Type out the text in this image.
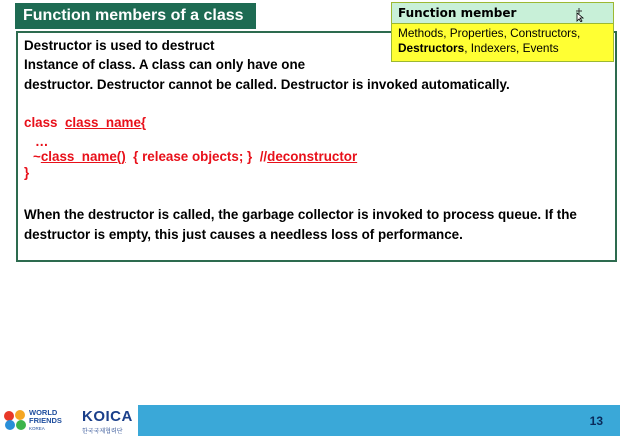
Function members of a class
Destructor is used to destruct
Instance of class. A class can only have one
destructor. Destructor cannot be called. Destructor is invoked automatically.
class class_name{
…
~class_name() { release objects; } //deconstructor
}
When the destructor is called, the garbage collector is invoked to process queue. If the
destructor is empty, this just causes a needless loss of performance.
Function member
Methods, Properties, Constructors,
Destructors, Indexers, Events
WORLD
FRIENDS
KOREA
KOICA
한국국제협력단
13
